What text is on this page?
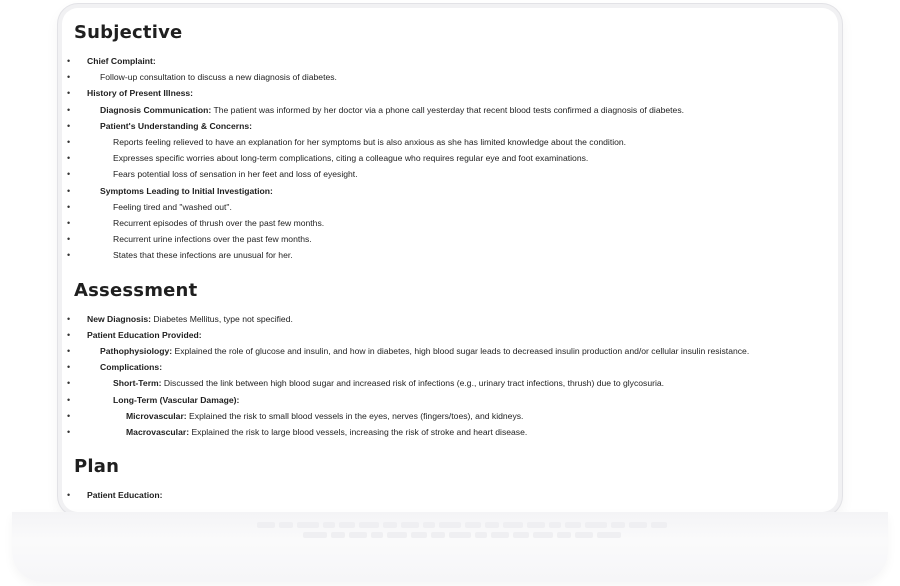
Subjective
• Chief Complaint:
• Follow-up consultation to discuss a new diagnosis of diabetes.
• History of Present Illness:
• Diagnosis Communication: The patient was informed by her doctor via a phone call yesterday that recent blood tests confirmed a diagnosis of diabetes.
• Patient's Understanding & Concerns:
• Reports feeling relieved to have an explanation for her symptoms but is also anxious as she has limited knowledge about the condition.
• Expresses specific worries about long-term complications, citing a colleague who requires regular eye and foot examinations.
• Fears potential loss of sensation in her feet and loss of eyesight.
• Symptoms Leading to Initial Investigation:
• Feeling tired and "washed out".
• Recurrent episodes of thrush over the past few months.
• Recurrent urine infections over the past few months.
• States that these infections are unusual for her.
Assessment
• New Diagnosis: Diabetes Mellitus, type not specified.
• Patient Education Provided:
• Pathophysiology: Explained the role of glucose and insulin, and how in diabetes, high blood sugar leads to decreased insulin production and/or cellular insulin resistance.
• Complications:
• Short-Term: Discussed the link between high blood sugar and increased risk of infections (e.g., urinary tract infections, thrush) due to glycosuria.
• Long-Term (Vascular Damage):
• Microvascular: Explained the risk to small blood vessels in the eyes, nerves (fingers/toes), and kidneys.
• Macrovascular: Explained the risk to large blood vessels, increasing the risk of stroke and heart disease.
Plan
• Patient Education:
